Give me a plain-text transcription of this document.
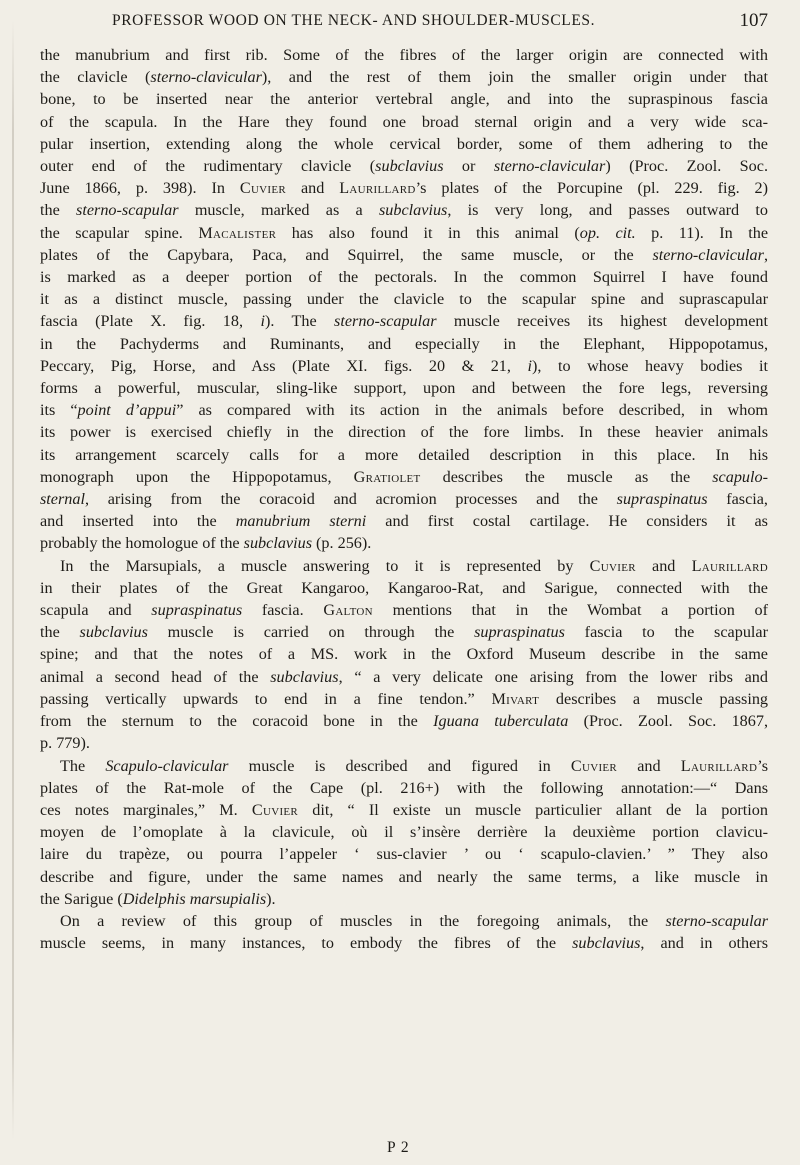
PROFESSOR WOOD ON THE NECK- AND SHOULDER-MUSCLES.	107

the manubrium and first rib. Some of the fibres of the larger origin are connected with

the clavicle (sterno-clavicular), and the rest of them join the smaller origin under that

bone, to be inserted near the anterior vertebral angle, and into the supraspinous fascia

of the scapula. In the Hare they found one broad sternal origin and a very wide sca-

pular insertion, extending along the whole cervical border, some of them adhering to the

outer end of the rudimentary clavicle (subclavius or sterno-clavicular) (Proc. Zool. Soc.

June 1866, p. 398). In Cuvier and Laurillard’s plates of the Porcupine (pl. 229. fig. 2)

the sterno-scapular muscle, marked as a subclavius, is very long, and passes outward to

the scapular spine. Macalister has also found it in this animal (op. cit. p. 11). In the

plates of the Capybara, Paca, and Squirrel, the same muscle, or the sterno-clavicular,

is marked as a deeper portion of the pectorals. In the common Squirrel I have found

it as a distinct muscle, passing under the clavicle to the scapular spine and suprascapular

fascia (Plate X. fig. 18, i). The sterno-scapular muscle receives its highest development

in the Pachyderms and Ruminants, and especially in the Elephant, Hippopotamus,

Peccary, Pig, Horse, and Ass (Plate XI. figs. 20 & 21, i), to whose heavy bodies it

forms a powerful, muscular, sling-like support, upon and between the fore legs, reversing

its “point d’appui” as compared with its action in the animals before described, in whom

its power is exercised chiefly in the direction of the fore limbs. In these heavier animals

its arrangement scarcely calls for a more detailed description in this place. In his

monograph upon the Hippopotamus, Gratiolet describes the muscle as the scapulo-

sternal, arising from the coracoid and acromion processes and the supraspinatus fascia,

and inserted into the manubrium sterni and first costal cartilage. He considers it as

probably the homologue of the subclavius (p. 256).

In the Marsupials, a muscle answering to it is represented by Cuvier and Laurillard

in their plates of the Great Kangaroo, Kangaroo-Rat, and Sarigue, connected with the

scapula and supraspinatus fascia. Galton mentions that in the Wombat a portion of

the subclavius muscle is carried on through the supraspinatus fascia to the scapular

spine; and that the notes of a MS. work in the Oxford Museum describe in the same

animal a second head of the subclavius, “ a very delicate one arising from the lower ribs and

passing vertically upwards to end in a fine tendon.” Mivart describes a muscle passing

from the sternum to the coracoid bone in the Iguana tuberculata (Proc. Zool. Soc. 1867,

p. 779).

The Scapulo-clavicular muscle is described and figured in Cuvier and Laurillard’s

plates of the Rat-mole of the Cape (pl. 216+) with the following annotation:—“ Dans

ces notes marginales,” M. Cuvier dit, “ Il existe un muscle particulier allant de la portion

moyen de l’omoplate à la clavicule, où il s’insère derrière la deuxième portion clavicu-

laire du trapèze, ou pourra l’appeler ‘ sus-clavier ’ ou ‘ scapulo-clavien.’ ” They also

describe and figure, under the same names and nearly the same terms, a like muscle in

the Sarigue (Didelphis marsupialis).

On a review of this group of muscles in the foregoing animals, the sterno-scapular

muscle seems, in many instances, to embody the fibres of the subclavius, and in others

P 2
